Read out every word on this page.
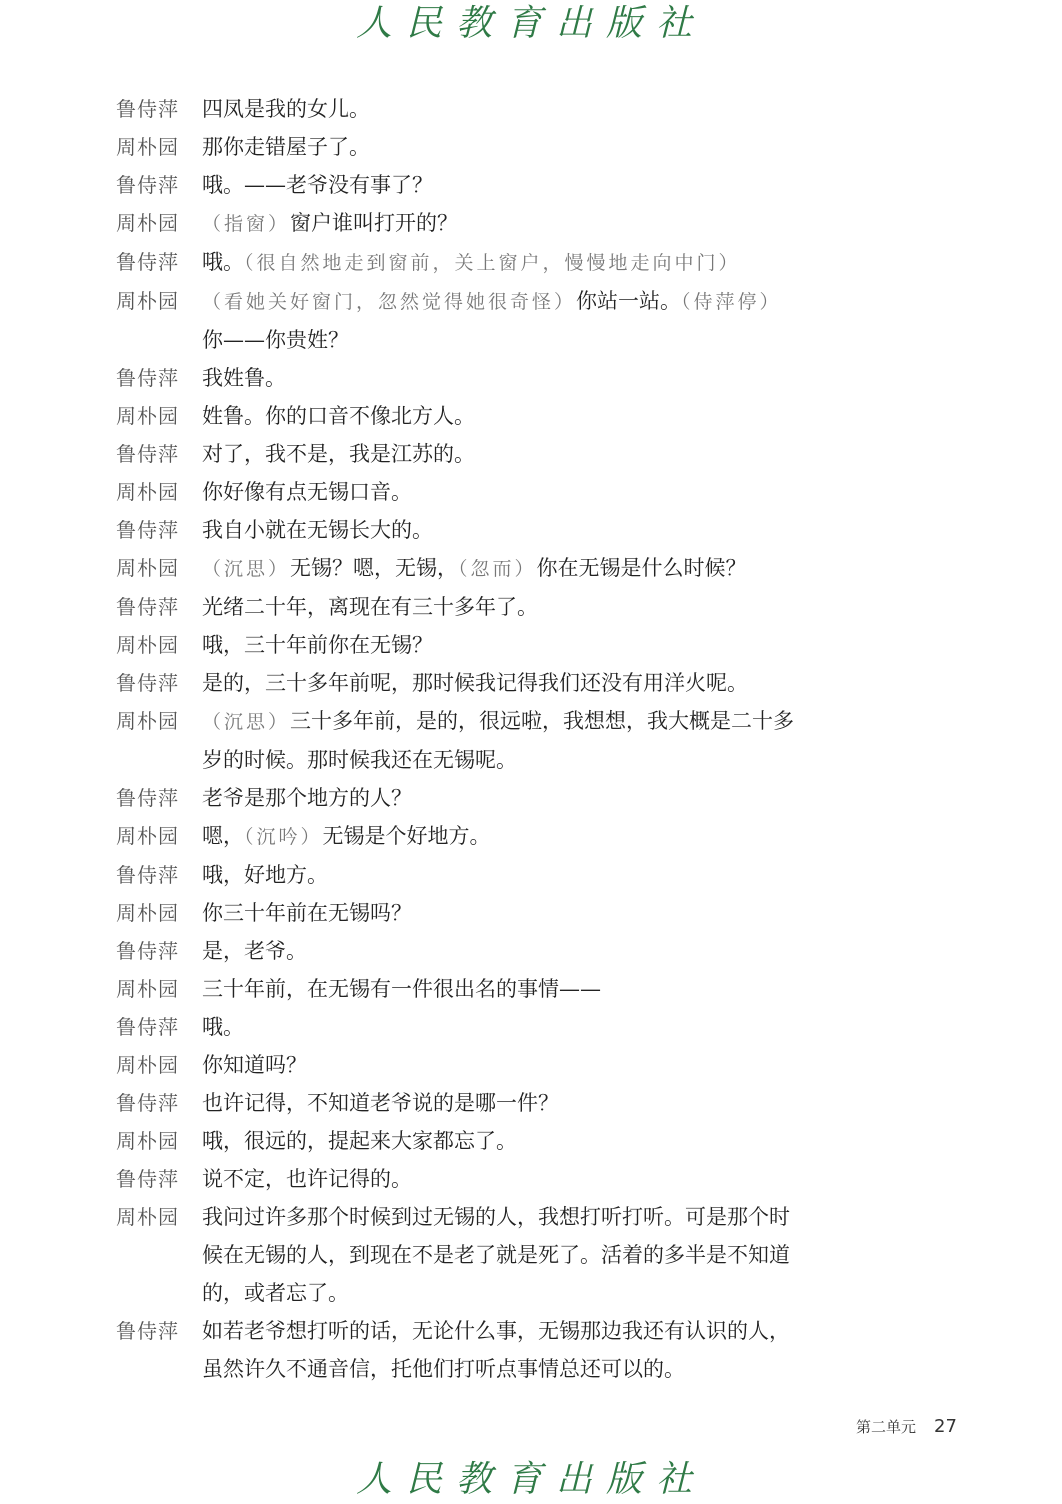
人民教育出版社
鲁侍萍	四凤是我的女儿。
周朴园	那你走错屋子了。
鲁侍萍	哦。——老爷没有事了？
周朴园	（指窗）窗户谁叫打开的？
鲁侍萍	哦。（很自然地走到窗前，关上窗户，慢慢地走向中门）
周朴园	（看她关好窗门，忽然觉得她很奇怪）你站一站。（侍萍停）
你——你贵姓？
鲁侍萍	我姓鲁。
周朴园	姓鲁。你的口音不像北方人。
鲁侍萍	对了，我不是，我是江苏的。
周朴园	你好像有点无锡口音。
鲁侍萍	我自小就在无锡长大的。
周朴园	（沉思）无锡？嗯，无锡，（忽而）你在无锡是什么时候？
鲁侍萍	光绪二十年，离现在有三十多年了。
周朴园	哦，三十年前你在无锡？
鲁侍萍	是的，三十多年前呢，那时候我记得我们还没有用洋火呢。
周朴园	（沉思）三十多年前，是的，很远啦，我想想，我大概是二十多岁的时候。那时候我还在无锡呢。
鲁侍萍	老爷是那个地方的人？
周朴园	嗯，（沉吟）无锡是个好地方。
鲁侍萍	哦，好地方。
周朴园	你三十年前在无锡吗？
鲁侍萍	是，老爷。
周朴园	三十年前，在无锡有一件很出名的事情——
鲁侍萍	哦。
周朴园	你知道吗？
鲁侍萍	也许记得，不知道老爷说的是哪一件？
周朴园	哦，很远的，提起来大家都忘了。
鲁侍萍	说不定，也许记得的。
周朴园	我问过许多那个时候到过无锡的人，我想打听打听。可是那个时候在无锡的人，到现在不是老了就是死了。活着的多半是不知道的，或者忘了。
鲁侍萍	如若老爷想打听的话，无论什么事，无锡那边我还有认识的人，虽然许久不通音信，托他们打听点事情总还可以的。
第二单元 27
人民教育出版社
